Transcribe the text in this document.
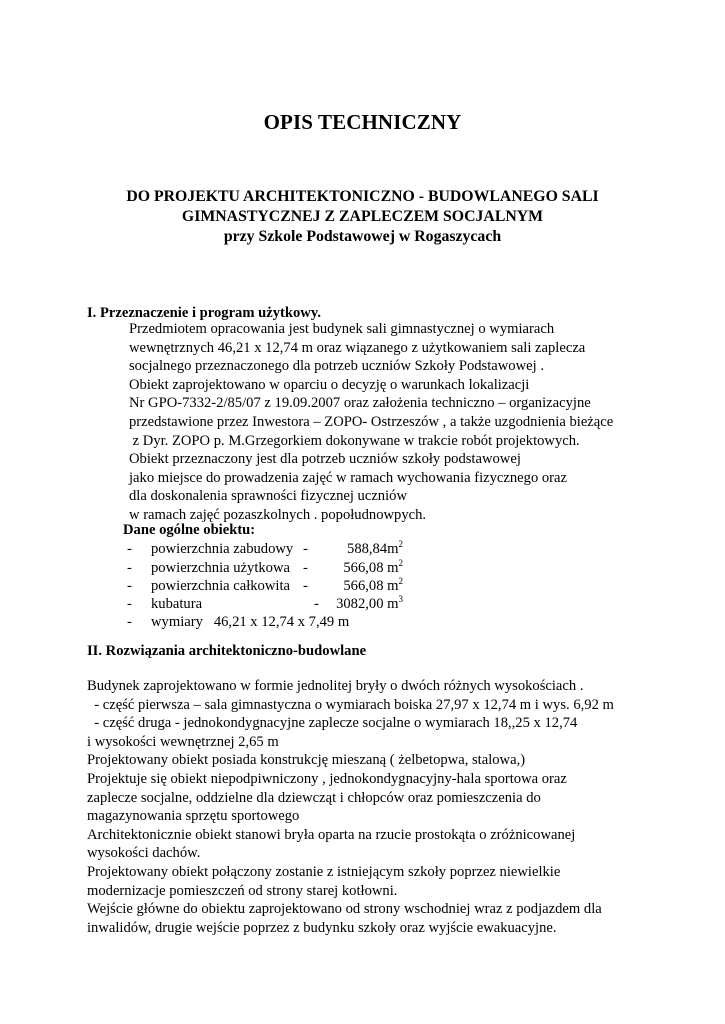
OPIS TECHNICZNY
DO PROJEKTU ARCHITEKTONICZNO - BUDOWLANEGO SALI
GIMNASTYCZNEJ Z ZAPLECZEM SOCJALNYM
przy Szkole Podstawowej w Rogaszycach
I. Przeznaczenie i program użytkowy.
Przedmiotem opracowania jest budynek sali gimnastycznej o wymiarach
wewnętrznych 46,21 x 12,74 m oraz wiązanego z użytkowaniem sali zaplecza
socjalnego przeznaczonego dla potrzeb uczniów Szkoły Podstawowej .
Obiekt zaprojektowano w oparciu o decyzję o warunkach lokalizacji
Nr GPO-7332-2/85/07 z 19.09.2007 oraz założenia techniczno – organizacyjne
przedstawione przez Inwestora – ZOPO- Ostrzeszów , a także uzgodnienia bieżące
z Dyr. ZOPO p. M.Grzegorkiem dokonywane w trakcie robót projektowych.
Obiekt przeznaczony jest dla potrzeb uczniów szkoły podstawowej
jako miejsce do prowadzenia zajęć w ramach wychowania fizycznego oraz
dla doskonalenia sprawności fizycznej uczniów
w ramach zajęć pozaszkolnych . popołudnowpych.
Dane ogólne obiektu:
- powierzchnia zabudowy -	$588,84m^2$
- powierzchnia użytkowa - 566,08 $m^2$
- powierzchnia całkowita - 566,08 $m^2$
- kubatura	- 3082,00 $m^3$
- wymiary   46,21 x 12,74 x 7,49 m
II. Rozwiązania architektoniczno-budowlane
Budynek zaprojektowano w formie jednolitej bryły o dwóch różnych wysokościach .
- część pierwsza – sala gimnastyczna o wymiarach boiska 27,97 x 12,74 m i wys. 6,92 m
- część druga - jednokondygnacyjne zaplecze socjalne o wymiarach 18,,25 x 12,74
i wysokości wewnętrznej 2,65 m
Projektowany obiekt posiada konstrukcję mieszaną ( żelbetopwa, stalowa,)
Projektuje się obiekt niepodpiwniczony , jednokondygnacyjny-hala sportowa oraz
zaplecze socjalne, oddzielne dla dziewcząt i chłopców oraz pomieszczenia do
magazynowania sprzętu sportowego
Architektonicznie obiekt stanowi bryła oparta na rzucie prostokąta o zróżnicowanej
wysokości dachów.
Projektowany obiekt połączony zostanie z istniejącym szkoły poprzez niewielkie
modernizacje pomieszczeń od strony starej kotłowni.
Wejście główne do obiektu zaprojektowano od strony wschodniej wraz z podjazdem dla
inwalidów, drugie wejście poprzez z budynku szkoły oraz wyjście ewakuacyjne.
